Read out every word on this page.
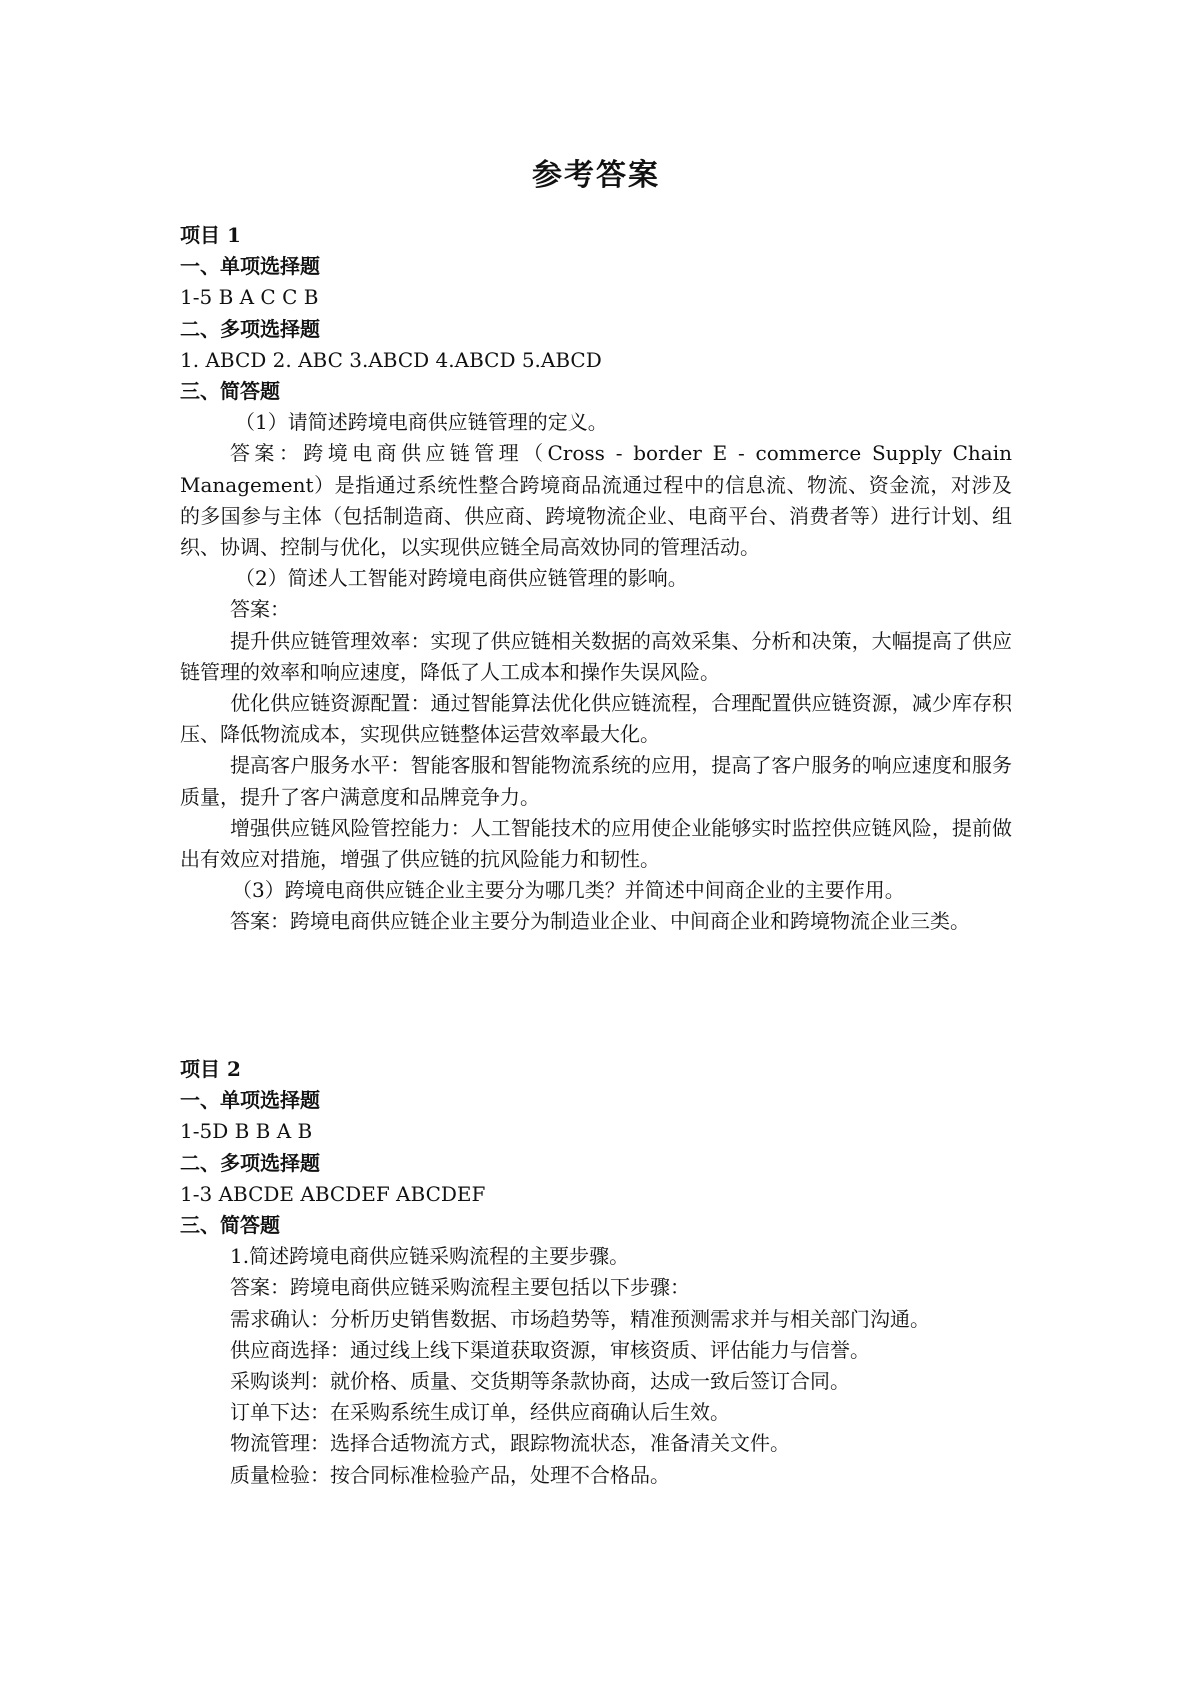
参考答案
项目 1
一、单项选择题
1-5 B A C C B
二、多项选择题
1. ABCD 2. ABC 3.ABCD 4.ABCD 5.ABCD
三、简答题

（1）请简述跨境电商供应链管理的定义。

答案：跨境电商供应链管理（Cross - border E - commerce Supply Chain Management）是指通过系统性整合跨境商品流通过程中的信息流、物流、资金流，对涉及的多国参与主体（包括制造商、供应商、跨境物流企业、电商平台、消费者等）进行计划、组织、协调、控制与优化，以实现供应链全局高效协同的管理活动。

（2）简述人工智能对跨境电商供应链管理的影响。

答案：

提升供应链管理效率：实现了供应链相关数据的高效采集、分析和决策，大幅提高了供应链管理的效率和响应速度，降低了人工成本和操作失误风险。

优化供应链资源配置：通过智能算法优化供应链流程，合理配置供应链资源，减少库存积压、降低物流成本，实现供应链整体运营效率最大化。

提高客户服务水平：智能客服和智能物流系统的应用，提高了客户服务的响应速度和服务质量，提升了客户满意度和品牌竞争力。

增强供应链风险管控能力：人工智能技术的应用使企业能够实时监控供应链风险，提前做出有效应对措施，增强了供应链的抗风险能力和韧性。

（3）跨境电商供应链企业主要分为哪几类？并简述中间商企业的主要作用。

答案：跨境电商供应链企业主要分为制造业企业、中间商企业和跨境物流企业三类。

项目 2
一、单项选择题
1-5D B B A B
二、多项选择题
1-3 ABCDE ABCDEF ABCDEF
三、简答题

1.简述跨境电商供应链采购流程的主要步骤。

答案：跨境电商供应链采购流程主要包括以下步骤：

需求确认：分析历史销售数据、市场趋势等，精准预测需求并与相关部门沟通。

供应商选择：通过线上线下渠道获取资源，审核资质、评估能力与信誉。

采购谈判：就价格、质量、交货期等条款协商，达成一致后签订合同。

订单下达：在采购系统生成订单，经供应商确认后生效。

物流管理：选择合适物流方式，跟踪物流状态，准备清关文件。

质量检验：按合同标准检验产品，处理不合格品。
